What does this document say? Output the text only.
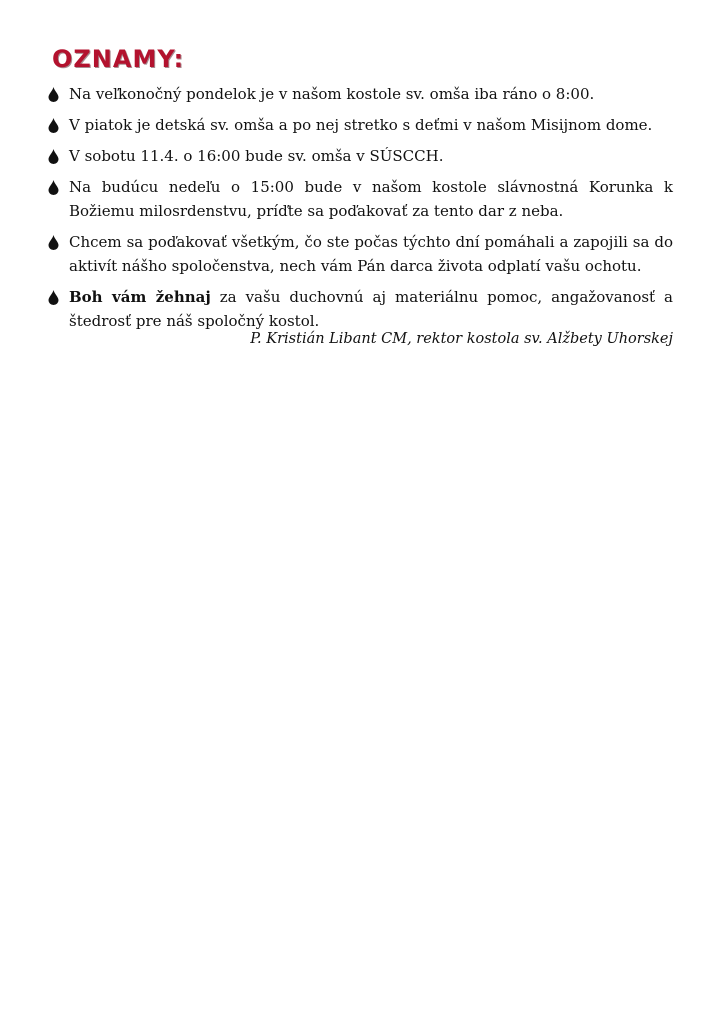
OZNAMY:
Na veľkonočný pondelok je v našom kostole sv. omša iba ráno o 8:00.
V piatok je detská sv. omša a po nej stretko s deťmi v našom Misijnom dome.
V sobotu 11.4. o 16:00 bude sv. omša v SÚSCCH.
Na budúcu nedeľu o 15:00 bude v našom kostole slávnostná Korunka k Božiemu milosrdenstvu, príďte sa poďakovať za tento dar z neba.
Chcem sa poďakovať všetkým, čo ste počas týchto dní pomáhali a zapojili sa do aktivít nášho spoločenstva, nech vám Pán darca života odplatí vašu ochotu.
Boh vám žehnaj za vašu duchovnú aj materiálnu pomoc, angažovanosť a štedrosť pre náš spoločný kostol.
P. Kristián Libant CM, rektor kostola sv. Alžbety Uhorskej
